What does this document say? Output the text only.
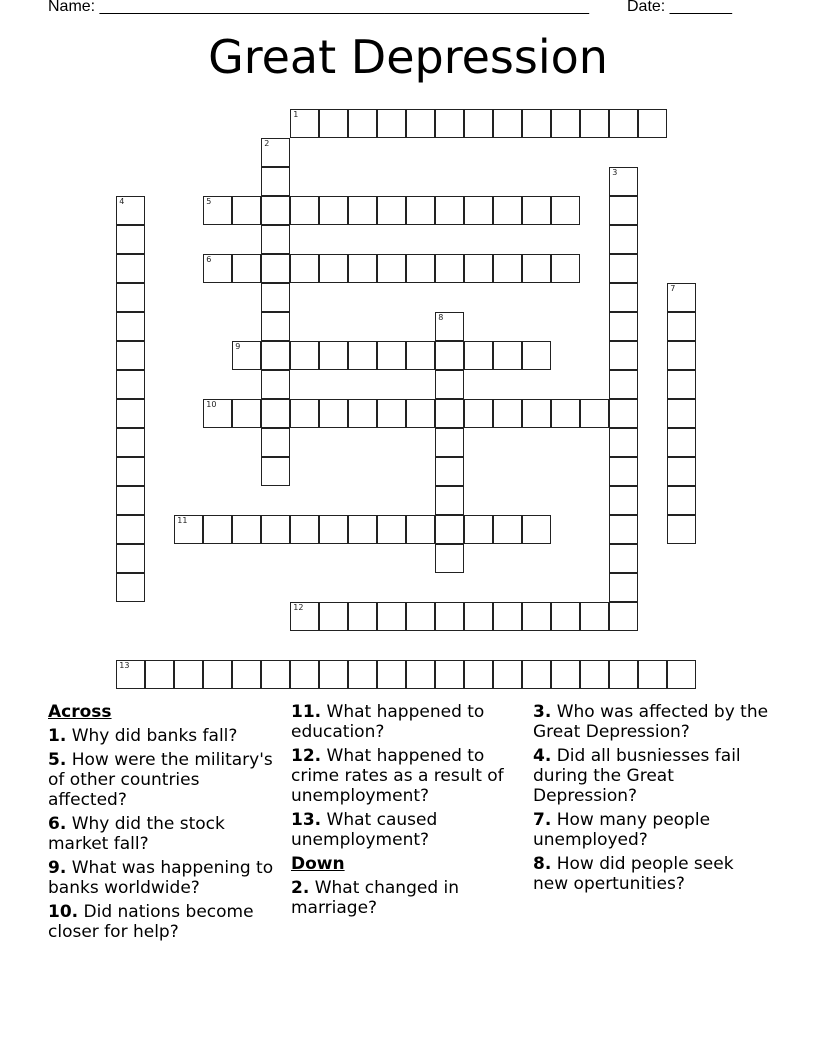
Name: _______________________________________________________ Date: _______
Great Depression
1
2
3
4	5
6
7
8
9
10
11
12
13
Across
1. Why did banks fall?
5. How were the military's of other countries affected?
6. Why did the stock market fall?
9. What was happening to banks worldwide?
10. Did nations become closer for help?
11. What happened to education?
12. What happened to crime rates as a result of unemployment?
13. What caused unemployment?
Down
2. What changed in marriage?
3. Who was affected by the Great Depression?
4. Did all busniesses fail during the Great Depression?
7. How many people unemployed?
8. How did people seek new opertunities?
